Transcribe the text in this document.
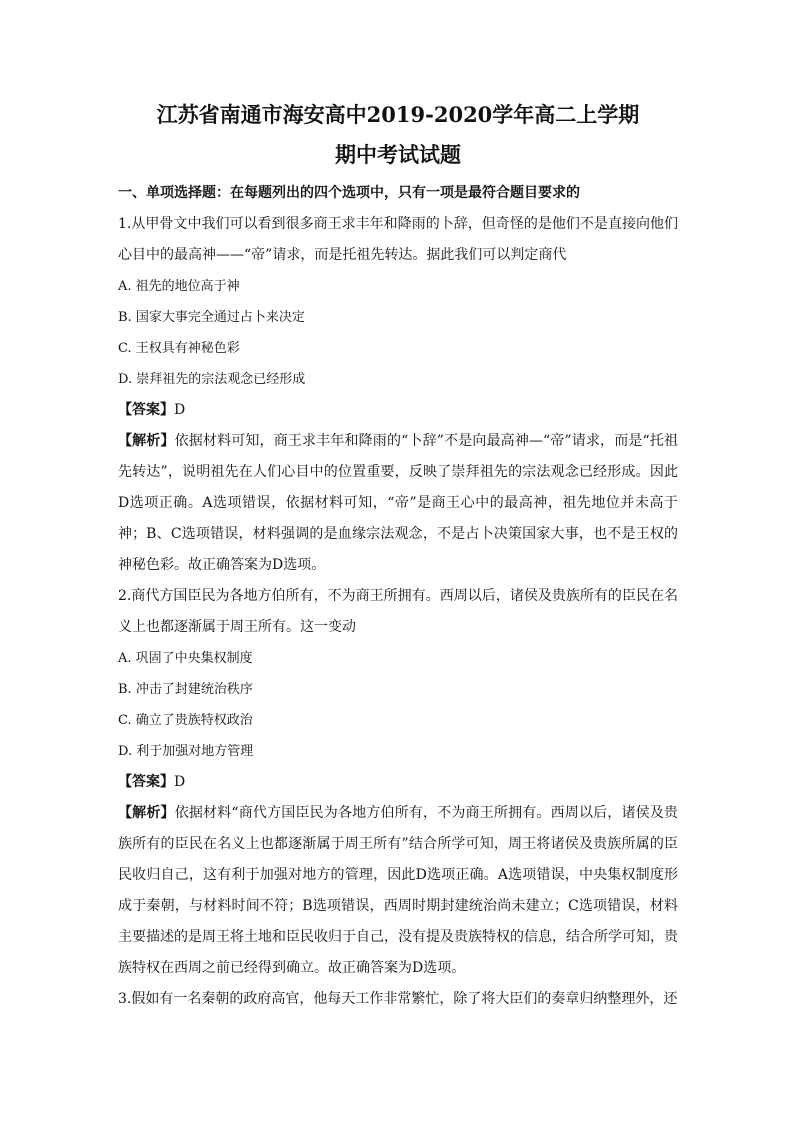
江苏省南通市海安高中2019-2020学年高二上学期
期中考试试题

一、单项选择题：在每题列出的四个选项中，只有一项是最符合题目要求的

1.从甲骨文中我们可以看到很多商王求丰年和降雨的卜辞，但奇怪的是他们不是直接向他们心目中的最高神——“帝”请求，而是托祖先转达。据此我们可以判定商代

A. 祖先的地位高于神

B. 国家大事完全通过占卜来决定

C. 王权具有神秘色彩

D. 崇拜祖先的宗法观念已经形成

【答案】D

【解析】依据材料可知，商王求丰年和降雨的“卜辞”不是向最高神—“帝”请求，而是“托祖先转达”，说明祖先在人们心目中的位置重要，反映了崇拜祖先的宗法观念已经形成。因此D选项正确。A选项错误，依据材料可知，“帝”是商王心中的最高神，祖先地位并未高于神；B、C选项错误，材料强调的是血缘宗法观念，不是占卜决策国家大事，也不是王权的神秘色彩。故正确答案为D选项。

2.商代方国臣民为各地方伯所有，不为商王所拥有。西周以后，诸侯及贵族所有的臣民在名义上也都逐渐属于周王所有。这一变动

A. 巩固了中央集权制度

B. 冲击了封建统治秩序

C. 确立了贵族特权政治

D. 利于加强对地方管理

【答案】D

【解析】依据材料“商代方国臣民为各地方伯所有，不为商王所拥有。西周以后，诸侯及贵族所有的臣民在名义上也都逐渐属于周王所有”结合所学可知，周王将诸侯及贵族所属的臣民收归自己，这有利于加强对地方的管理，因此D选项正确。A选项错误，中央集权制度形成于秦朝，与材料时间不符；B选项错误，西周时期封建统治尚未建立；C选项错误，材料主要描述的是周王将土地和臣民收归于自己，没有提及贵族特权的信息，结合所学可知，贵族特权在西周之前已经得到确立。故正确答案为D选项。

3.假如有一名秦朝的政府高官，他每天工作非常繁忙，除了将大臣们的奏章归纳整理外，还
